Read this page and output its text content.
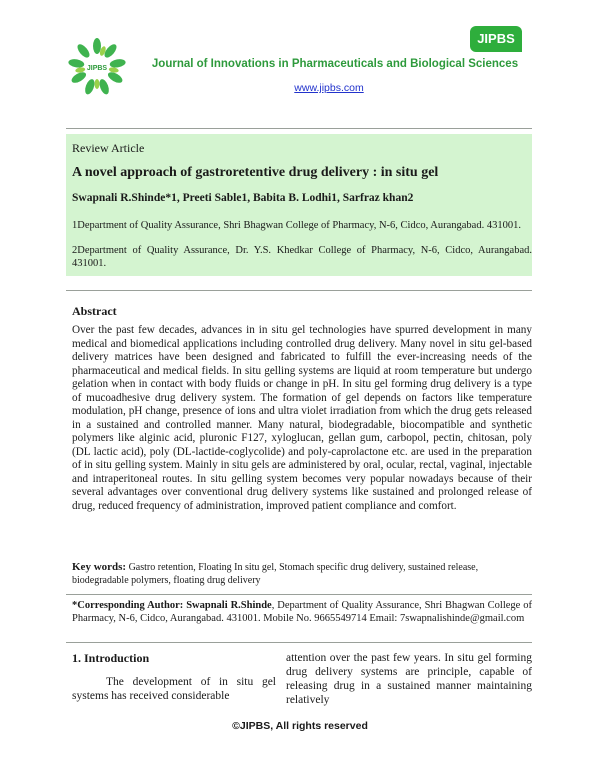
JIPBS
JIPBS
Journal of Innovations in Pharmaceuticals and Biological Sciences
www.jipbs.com
Review Article
A novel approach of gastroretentive drug delivery : in situ gel
Swapnali R.Shinde*1, Preeti Sable1, Babita B. Lodhi1, Sarfraz khan2
1Department of Quality Assurance, Shri Bhagwan College of Pharmacy, N-6, Cidco, Aurangabad. 431001.
2Department of Quality Assurance, Dr. Y.S. Khedkar College of Pharmacy, N-6, Cidco, Aurangabad. 431001.
Abstract
Over the past few decades, advances in in situ gel technologies have spurred development in many medical and biomedical applications including controlled drug delivery. Many novel in situ gel-based delivery matrices have been designed and fabricated to fulfill the ever-increasing needs of the pharmaceutical and medical fields. In situ gelling systems are liquid at room temperature but undergo gelation when in contact with body fluids or change in pH. In situ gel forming drug delivery is a type of mucoadhesive drug delivery system. The formation of gel depends on factors like temperature modulation, pH change, presence of ions and ultra violet irradiation from which the drug gets released in a sustained and controlled manner. Many natural, biodegradable, biocompatible and synthetic polymers like alginic acid, pluronic F127, xyloglucan, gellan gum, carbopol, pectin, chitosan, poly (DL lactic acid), poly (DL-lactide-coglycolide) and poly-caprolactone etc. are used in the preparation of in situ gelling system. Mainly in situ gels are administered by oral, ocular, rectal, vaginal, injectable and intraperitoneal routes. In situ gelling system becomes very popular nowadays because of their several advantages over conventional drug delivery systems like sustained and prolonged release of drug, reduced frequency of administration, improved patient compliance and comfort.
Key words: Gastro retention, Floating In situ gel, Stomach specific drug delivery, sustained release, biodegradable polymers, floating drug delivery
*Corresponding Author: Swapnali R.Shinde, Department of Quality Assurance, Shri Bhagwan College of Pharmacy, N-6, Cidco, Aurangabad. 431001. Mobile No. 9665549714 Email: 7swapnalishinde@gmail.com
1. Introduction
The development of in situ gel systems has received considerable
attention over the past few years. In situ gel forming drug delivery systems are principle, capable of releasing drug in a sustained manner maintaining relatively
©JIPBS, All rights reserved
